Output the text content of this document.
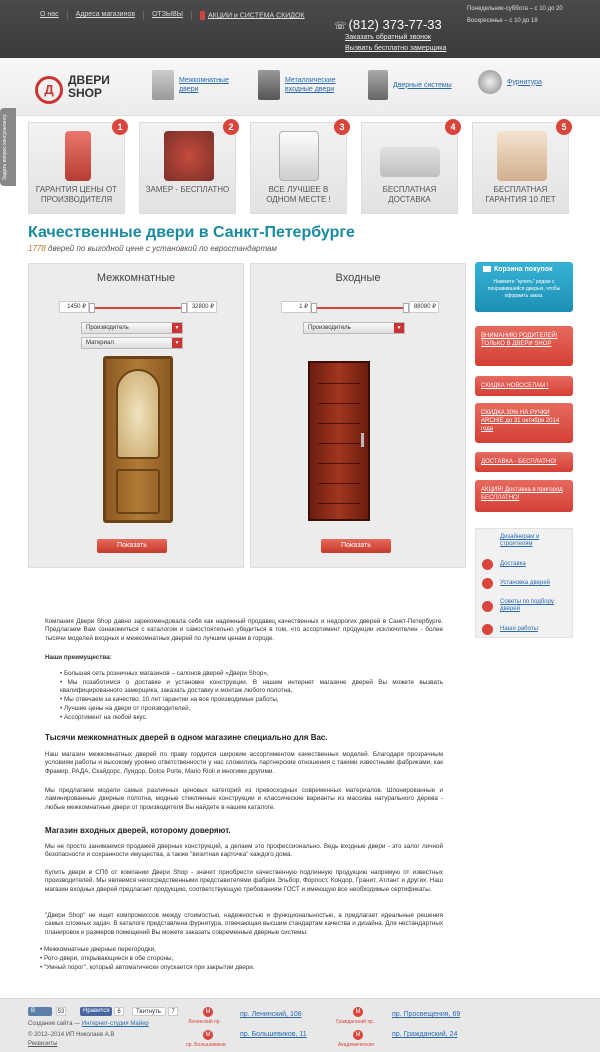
О нас	Адреса магазинов	ОТЗЫВЫ	АКЦИИ и СИСТЕМА СКИДОК
☏ (812) 373-77-33
Заказать обратный звонок
Вызвать бесплатно замерщика
Понедельник-суббота – с 10 до 20
Воскресенье – с 10 до 18
Д
ДВЕРИ
SHOP
Межкомнатные двери
Металлические входные двери
Дверные системы	Фурнитура
Задать вопрос консультанту	1
ГАРАНТИЯ ЦЕНЫ ОТ ПРОИЗВОДИТЕЛЯ
2
ЗАМЕР - БЕСПЛАТНО
3
ВСЕ ЛУЧШЕЕ В ОДНОМ МЕСТЕ !
4
БЕСПЛАТНАЯ ДОСТАВКА
5
БЕСПЛАТНАЯ ГАРАНТИЯ 10 ЛЕТ
Качественные двери в Санкт-Петербурге
1778 дверей по выгодной цене с установкой по евростандартам
Межкомнатные
1450 ₽	32800 ₽
Производитель	▼
Материал	▼
Показать
Входные
1 ₽	88080 ₽
Производитель	▼
Показать
Корзина покупок
Нажмите "купить" рядом с понравившейся дверью, чтобы оформить заказ.
ВНИМАНИЮ РОДИТЕЛЕЙ! ТОЛЬКО В ДВЕРИ SHOP
СКИДКА НОВОСЕЛАМ !
СКИДКА 30% НА РУЧКИ ARCHIE до 31 октября 2014 года
ДОСТАВКА - БЕСПЛАТНО!
АКЦИЯ! Доставка в пригород БЕСПЛАТНО!
Дизайнерам и строителям
Доставка
Установка дверей
Советы по подбору дверей
Наши работы
Компания Двери Shop давно зарекомендовала себя как надежный продавец качественных и недорогих дверей в Санкт-Петербурге. Предлагаем Вам ознакомиться с каталогом и самостоятельно убедиться в том, что ассортимент продукции исключителен - более тысячи моделей входных и межкомнатных дверей по лучшим ценам в городе.
Наши преимущества:
• Большая сеть розничных магазинов – салонов дверей «Двери Shop»,
• Мы позаботимся о доставке и установке конструкции. В нашем интернет магазине дверей Вы можете вызвать квалифицированного замерщика, заказать доставку и монтаж любого полотна,
• Мы отвечаем за качество. 10 лет гарантии на все производимые работы,
• Лучшие цены на двери от производителей,
• Ассортимент на любой вкус.
Тысячи межкомнатных дверей в одном магазине специально для Вас.
Наш магазин межкомнатных дверей по праву гордится широким ассортиментом качественных моделей. Благодаря прозрачным условиям работы и высокому уровню ответственности у нас сложились партнерские отношения с такими известными фабриками, как Фрамир, РАДА, Скайдорс, Луидор, Dolce Porte, Mario Rioli и многими другими.
Мы предлагаем модели самых различных ценовых категорий из превосходных современных материалов. Шпонированные и ламинированные дверные полотна, модные стеклянные конструкции и классические варианты из массива натурального дерева - любые межкомнатные двери от производителя Вы найдете в нашем каталоге.
Магазин входных дверей, которому доверяют.
Мы не просто занимаемся продажей дверных конструкций, а делаем это профессионально. Ведь входные двери - это залог личной безопасности и сохранности имущества, а также "визитная карточка" каждого дома.
Купить двери в СПб от компании Двери Shop - значит приобрести качественную подлинную продукцию напрямую от известных производителей. Мы являемся непосредственными представителями фабрик Эльбор, Форпост, Кондор, Гранит, Атлант и других. Наш магазин входных дверей предлагает продукцию, соответствующую требованиям ГОСТ и имеющую все необходимые сертификаты.
"Двери Shop" не ищет компромиссов между стоимостью, надежностью и функциональностью, а предлагает идеальные решения самых сложных задач. В каталоге представлена фурнитура, отвечающая высшим стандартам качества и дизайна. Для нестандартных планировок и размеров помещений Вы можете заказать современные дверные системы:
• Межкомнатные дверные перегородки,
• Рото-двери, открывающиеся в обе стороны,
• "Умный порог", который автоматически опускается при закрытии двери.
В	53	Нравится	6	Твитнуть	7
Создание сайта — Интернет-студия Майер
© 2012–2014 ИП Николаев А.В
Реквизиты
М
Ленинский пр.
пр. Ленинский, 108	М
Гражданский пр.
пр. Просвещения, 69
М
пр. Большевиков
пр. Большевиков, 11	М
Академическая
пр. Гражданский, 24
